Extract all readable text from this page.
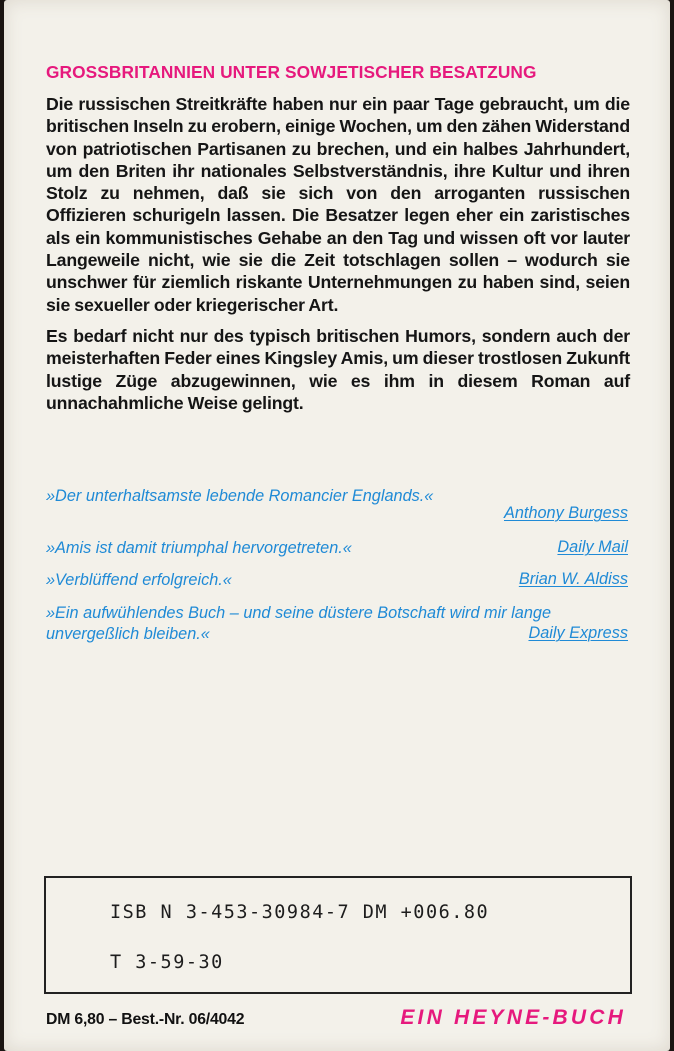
GROSSBRITANNIEN UNTER SOWJETISCHER BESATZUNG

Die russischen Streitkräfte haben nur ein paar Tage gebraucht, um die britischen Inseln zu erobern, einige Wochen, um den zähen Widerstand von patriotischen Partisanen zu brechen, und ein halbes Jahrhundert, um den Briten ihr nationales Selbstverständnis, ihre Kultur und ihren Stolz zu nehmen, daß sie sich von den arroganten russischen Offizieren schurigeln lassen. Die Besatzer legen eher ein zaristisches als ein kommunistisches Gehabe an den Tag und wissen oft vor lauter Langeweile nicht, wie sie die Zeit totschlagen sollen – wodurch sie unschwer für ziemlich riskante Unternehmungen zu haben sind, seien sie sexueller oder kriegerischer Art.

Es bedarf nicht nur des typisch britischen Humors, sondern auch der meisterhaften Feder eines Kingsley Amis, um dieser trostlosen Zukunft lustige Züge abzugewinnen, wie es ihm in diesem Roman auf unnachahmliche Weise gelingt.

»Der unterhaltsamste lebende Romancier Englands.«
Anthony Burgess
»Amis ist damit triumphal hervorgetreten.«	Daily Mail
»Verblüffend erfolgreich.«	Brian W. Aldiss
»Ein aufwühlendes Buch – und seine düstere Botschaft wird mir lange unvergeßlich bleiben.«	Daily Express
ISB N 3-453-30984-7 DM +006.80
T 3-59-30
DM 6,80 – Best.-Nr. 06/4042	EIN HEYNE-BUCH
